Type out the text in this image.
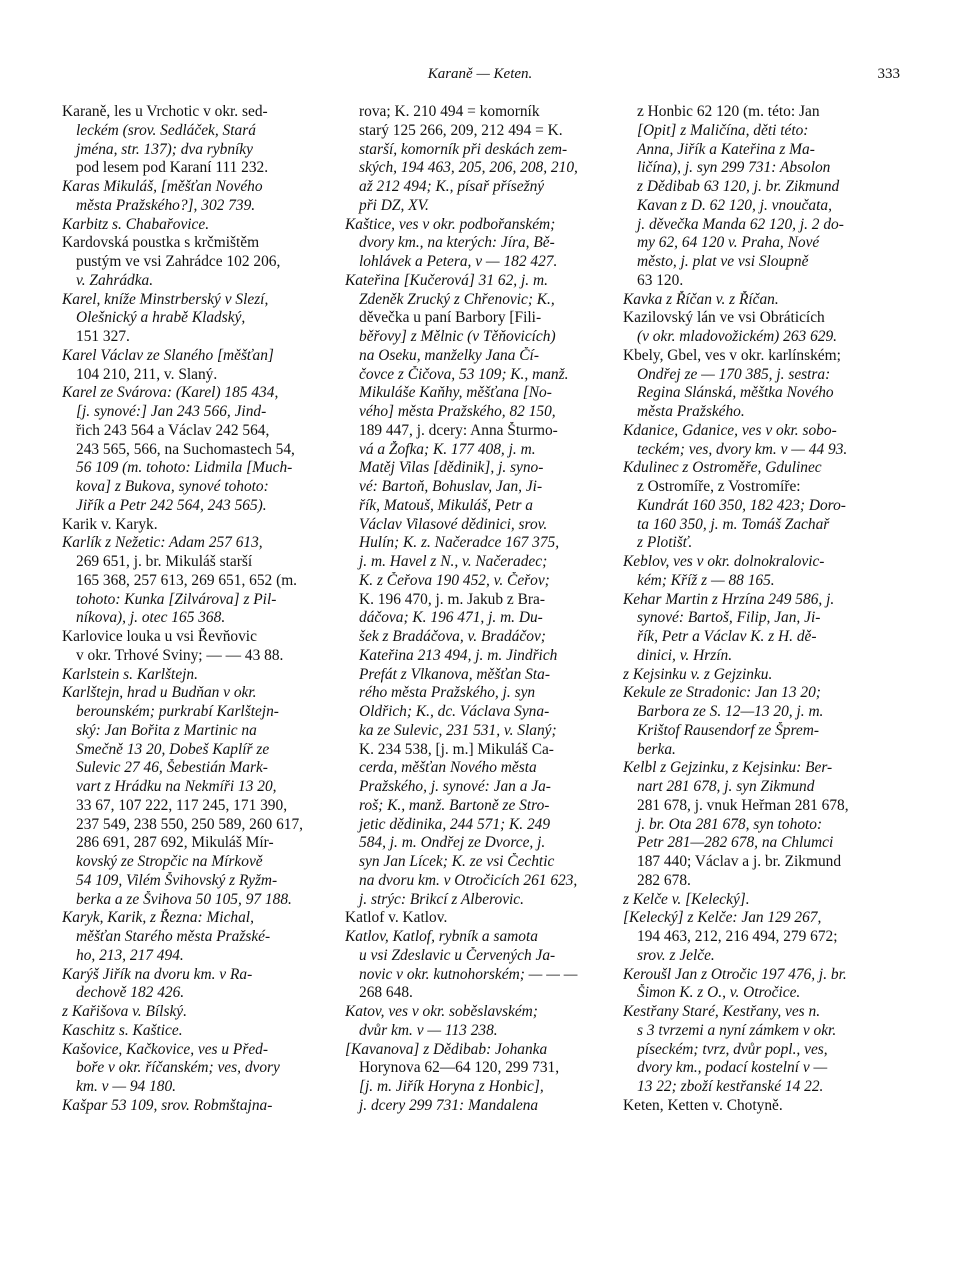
Karaně — Keten.	333
Karaně, les u Vrchotic v okr. sed-
leckém (srov. Sedláček, Stará
jména, str. 137); dva rybníky
pod lesem pod Karaní 111 232.
Karas Mikuláš, [měšťan Nového
města Pražského?], 302 739.
Karbitz s. Chabařovice.
Kardovská poustka s krčmištěm
pustým ve vsi Zahrádce 102 206,
v. Zahrádka.
Karel, kníže Minstrberský v Slezí,
Olešnický a hrabě Kladský,
151 327.
Karel Václav ze Slaného [měšťan]
104 210, 211, v. Slaný.
Karel ze Svárova: (Karel) 185 434,
[j. synové:] Jan 243 566, Jind-
řich 243 564 a Václav 242 564,
243 565, 566, na Suchomastech 54,
56 109 (m. tohoto: Lidmila [Much-
kova] z Bukova, synové tohoto:
Jiřík a Petr 242 564, 243 565).
Karik v. Karyk.
Karlík z Nežetic: Adam 257 613,
269 651, j. br. Mikuláš starší
165 368, 257 613, 269 651, 652 (m.
tohoto: Kunka [Zilvárova] z Pil-
níkova), j. otec 165 368.
Karlovice louka u vsi Řevňovic
v okr. Trhové Sviny; — — 43 88.
Karlstein s. Karlštejn.
Karlštejn, hrad u Budňan v okr.
berounském; purkrabí Karlštejn-
ský: Jan Bořita z Martinic na
Smečně 13 20, Dobeš Kaplíř ze
Sulevic 27 46, Šebestián Mark-
vart z Hrádku na Nekmíři 13 20,
33 67, 107 222, 117 245, 171 390,
237 549, 238 550, 250 589, 260 617,
286 691, 287 692, Mikuláš Mír-
kovský ze Stropčic na Mírkově
54 109, Vilém Švihovský z Ryžm-
berka a ze Švihova 50 105, 97 188.
Karyk, Karik, z Řezna: Michal,
měšťan Starého města Pražské-
ho, 213, 217 494.
Karýš Jiřík na dvoru km. v Ra-
dechově 182 426.
z Kařišova v. Bílský.
Kaschitz s. Kaštice.
Kašovice, Kačkovice, ves u Před-
boře v okr. říčanském; ves, dvory
km. v — 94 180.
Kašpar 53 109, srov. Robmštajna-
rova; K. 210 494 = komorník
starý 125 266, 209, 212 494 = K.
starší, komorník při deskách zem-
ských, 194 463, 205, 206, 208, 210,
až 212 494; K., písař přísežný
při DZ, XV.
Kaštice, ves v okr. podbořanském;
dvory km., na kterých: Jíra, Bě-
lohlávek a Petera, v — 182 427.
Kateřina [Kučerová] 31 62, j. m.
Zdeněk Zrucký z Chřenovic; K.,
děvečka u paní Barbory [Fili-
běřovy] z Mělnic (v Těňovicích)
na Oseku, manželky Jana Čí-
čovce z Čičova, 53 109; K., manž.
Mikuláše Kaňhy, měšťana [No-
vého] města Pražského, 82 150,
189 447, j. dcery: Anna Šturmo-
vá a Žofka; K. 177 408, j. m.
Matěj Vilas [dědinik], j. syno-
vé: Bartoň, Bohuslav, Jan, Ji-
řík, Matouš, Mikuláš, Petr a
Václav Vilasové dědinici, srov.
Hulín; K. z. Načeradce 167 375,
j. m. Havel z N., v. Načeradec;
K. z Čeřova 190 452, v. Čeřov;
K. 196 470, j. m. Jakub z Bra-
dáčova; K. 196 471, j. m. Du-
šek z Bradáčova, v. Bradáčov;
Kateřina 213 494, j. m. Jindřich
Prefát z Vlkanova, měšťan Sta-
rého města Pražského, j. syn
Oldřich; K., dc. Václava Syna-
ka ze Sulevic, 231 531, v. Slaný;
K. 234 538, [j. m.] Mikuláš Ca-
cerda, měšťan Nového města
Pražského, j. synové: Jan a Ja-
roš; K., manž. Bartoně ze Stro-
jetic dědinika, 244 571; K. 249
584, j. m. Ondřej ze Dvorce, j.
syn Jan Lícek; K. ze vsi Čechtic
na dvoru km. v Otročicích 261 623,
j. strýc: Brikcí z Alberovic.
Katlof v. Katlov.
Katlov, Katlof, rybník a samota
u vsi Zdeslavic u Červených Ja-
novic v okr. kutnohorském; — — —
268 648.
Katov, ves v okr. soběslavském;
dvůr km. v — 113 238.
[Kavanova] z Dědibab: Johanka
Horynova 62—64 120, 299 731,
[j. m. Jiřík Horyna z Honbic],
j. dcery 299 731: Mandalena
z Honbic 62 120 (m. této: Jan
[Opit] z Maličína, děti této:
Anna, Jiřík a Kateřina z Ma-
ličína), j. syn 299 731: Absolon
z Dědibab 63 120, j. br. Zikmund
Kavan z D. 62 120, j. vnoučata,
j. děvečka Manda 62 120, j. 2 do-
my 62, 64 120 v. Praha, Nové
město, j. plat ve vsi Sloupně
63 120.
Kavka z Říčan v. z Říčan.
Kazilovský lán ve vsi Obráticích
(v okr. mladovožickém) 263 629.
Kbely, Gbel, ves v okr. karlínském;
Ondřej ze — 170 385, j. sestra:
Regina Slánská, měštka Nového
města Pražského.
Kdanice, Gdanice, ves v okr. sobo-
teckém; ves, dvory km. v — 44 93.
Kdulinec z Ostroměře, Gdulinec
z Ostromíře, z Vostromíře:
Kundrát 160 350, 182 423; Doro-
ta 160 350, j. m. Tomáš Zachař
z Plotišť.
Keblov, ves v okr. dolnokralovic-
kém; Kříž z — 88 165.
Kehar Martin z Hrzína 249 586, j.
synové: Bartoš, Filip, Jan, Ji-
řík, Petr a Václav K. z H. dě-
dinici, v. Hrzín.
z Kejsinku v. z Gejzinku.
Kekule ze Stradonic: Jan 13 20;
Barbora ze S. 12—13 20, j. m.
Krištof Rausendorf ze Šprem-
berka.
Kelbl z Gejzinku, z Kejsinku: Ber-
nart 281 678, j. syn Zikmund
281 678, j. vnuk Heřman 281 678,
j. br. Ota 281 678, syn tohoto:
Petr 281—282 678, na Chlumci
187 440; Václav a j. br. Zikmund
282 678.
z Kelče v. [Kelecký].
[Kelecký] z Kelče: Jan 129 267,
194 463, 212, 216 494, 279 672;
srov. z Jelče.
Keroušl Jan z Otročic 197 476, j. br.
Šimon K. z O., v. Otročice.
Kestřany Staré, Kestřany, ves n.
s 3 tvrzemi a nyní zámkem v okr.
píseckém; tvrz, dvůr popl., ves,
dvory km., podací kostelní v —
13 22; zboží kestřanské 14 22.
Keten, Ketten v. Chotyně.
